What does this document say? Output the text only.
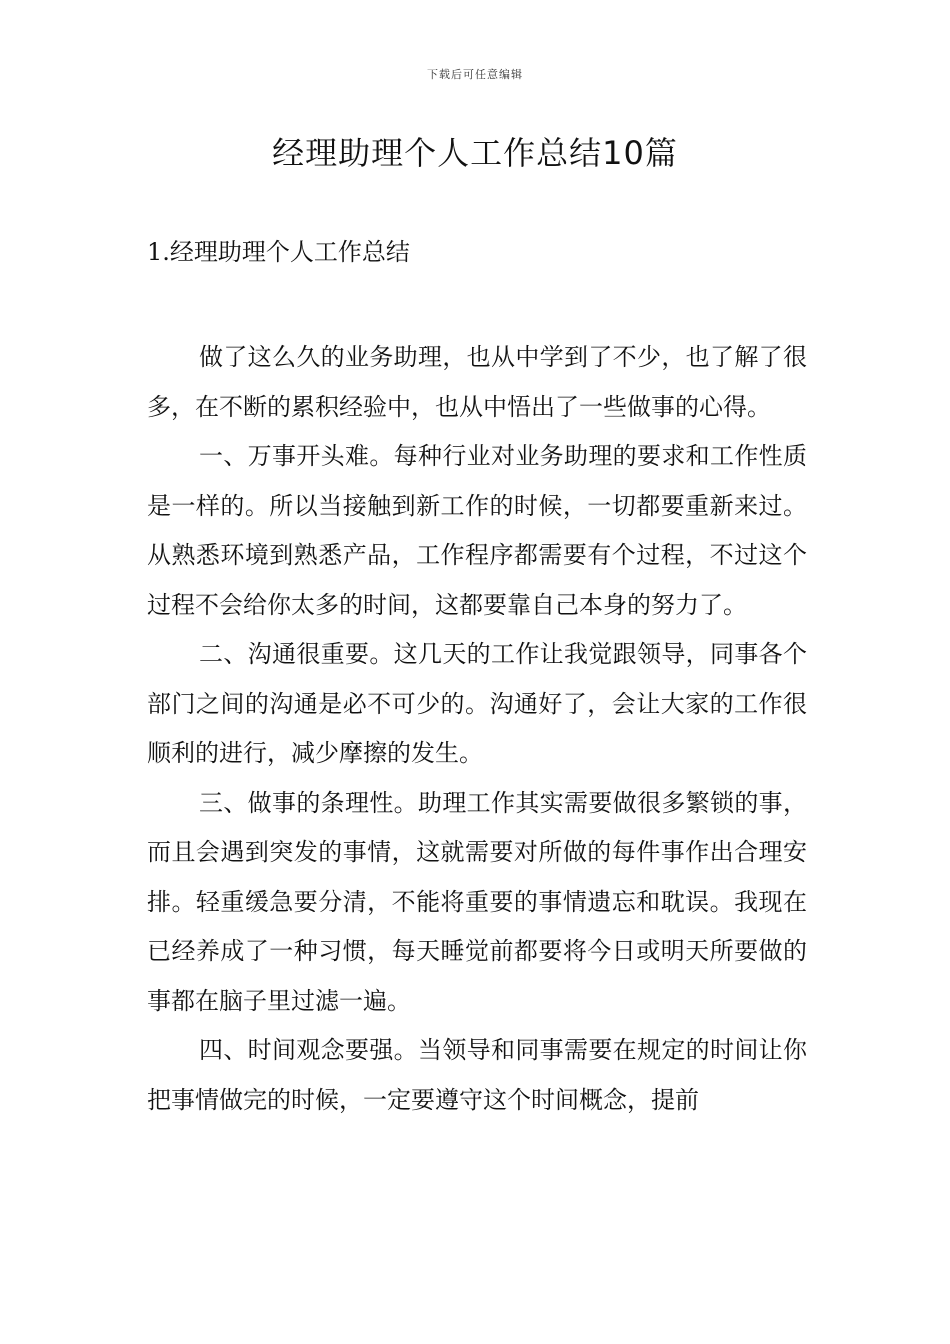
下载后可任意编辑
经理助理个人工作总结10篇
1.经理助理个人工作总结

做了这么久的业务助理，也从中学到了不少，也了解了很多，在不断的累积经验中，也从中悟出了一些做事的心得。

一、万事开头难。每种行业对业务助理的要求和工作性质是一样的。所以当接触到新工作的时候，一切都要重新来过。从熟悉环境到熟悉产品，工作程序都需要有个过程，不过这个过程不会给你太多的时间，这都要靠自己本身的努力了。

二、沟通很重要。这几天的工作让我觉跟领导，同事各个部门之间的沟通是必不可少的。沟通好了，会让大家的工作很顺利的进行，减少摩擦的发生。

三、做事的条理性。助理工作其实需要做很多繁锁的事，而且会遇到突发的事情，这就需要对所做的每件事作出合理安排。轻重缓急要分清，不能将重要的事情遗忘和耽误。我现在已经养成了一种习惯，每天睡觉前都要将今日或明天所要做的事都在脑子里过滤一遍。

四、时间观念要强。当领导和同事需要在规定的时间让你把事情做完的时候，一定要遵守这个时间概念，提前
